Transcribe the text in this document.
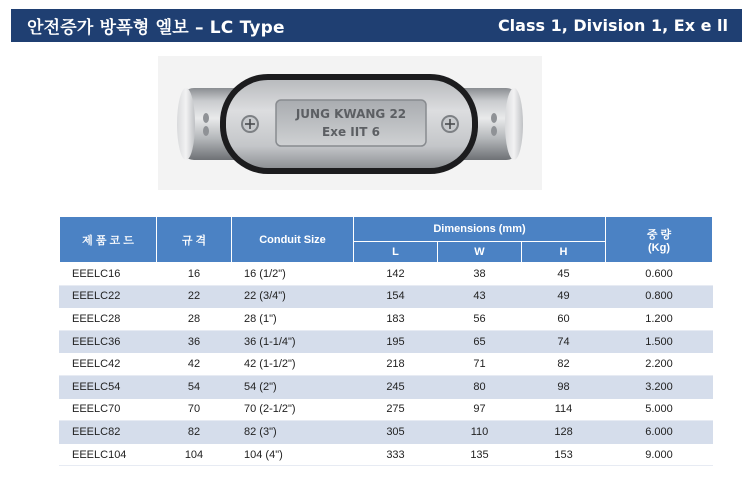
안전증가 방폭형 엘보 – LC Type	Class 1, Division 1, Ex e ll
JUNG KWANG 22
Exe IIT 6
제 품 코 드	규 격	Conduit Size	Dimensions (mm)			중 량
(Kg)

			L	W	H	
EEELC16	16	16 (1/2")	142	38	45	0.600
EEELC22	22	22 (3/4")	154	43	49	0.800
EEELC28	28	28 (1")	183	56	60	1.200
EEELC36	36	36 (1-1/4")	195	65	74	1.500
EEELC42	42	42 (1-1/2")	218	71	82	2.200
EEELC54	54	54 (2")	245	80	98	3.200
EEELC70	70	70 (2-1/2")	275	97	114	5.000
EEELC82	82	82 (3")	305	110	128	6.000
EEELC104	104	104 (4")	333	135	153	9.000
